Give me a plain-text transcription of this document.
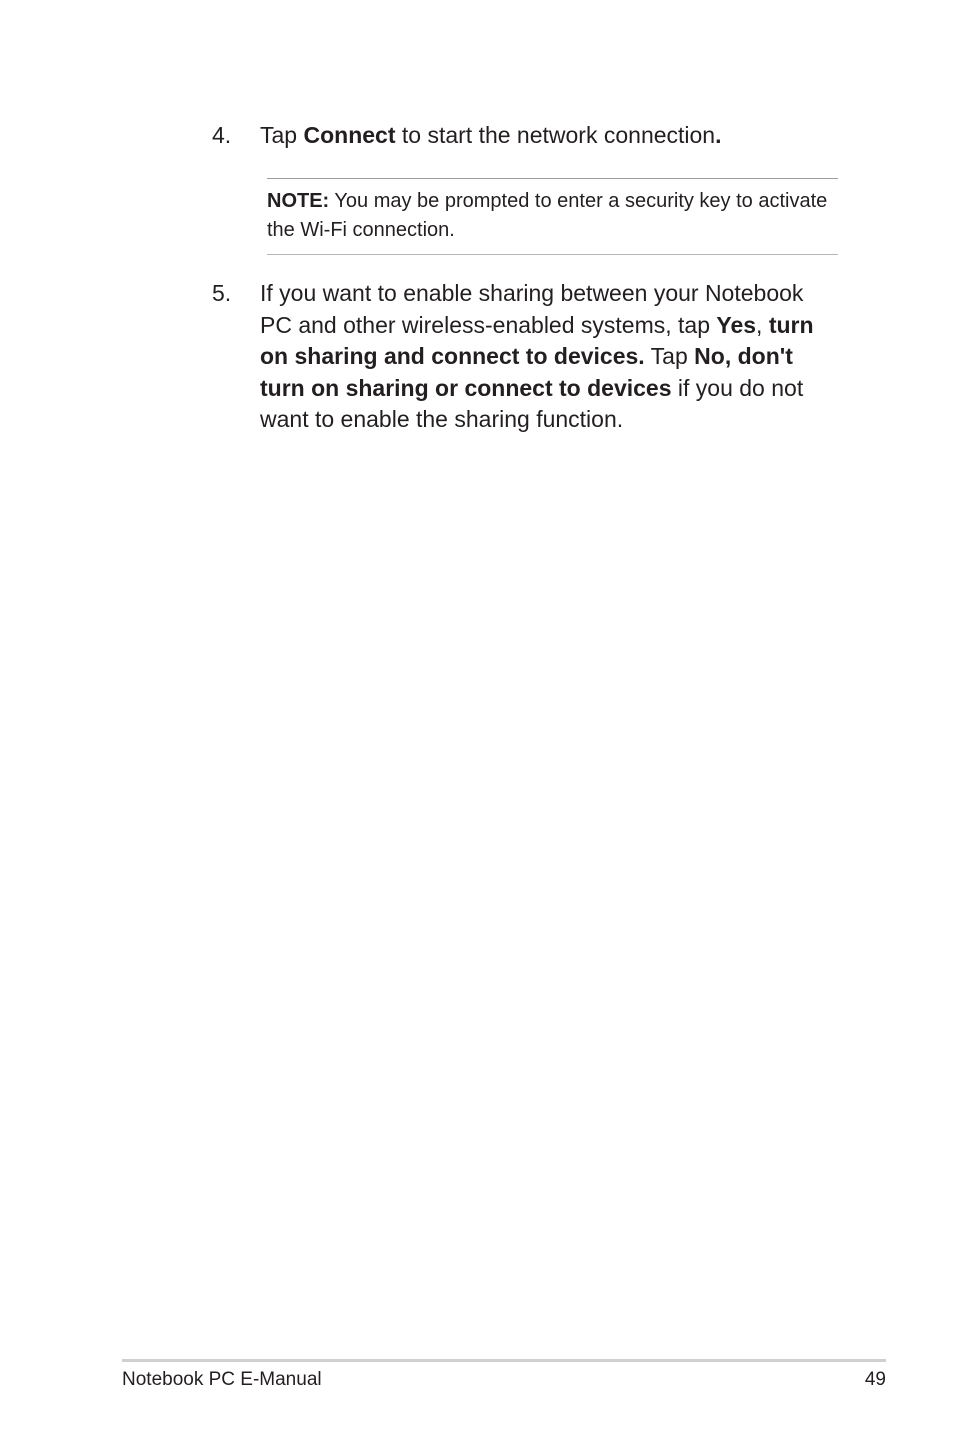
4.	Tap Connect to start the network connection.
NOTE: You may be prompted to enter a security key to activate the Wi-Fi connection.
5.	If you want to enable sharing between your Notebook PC and other wireless-enabled systems, tap Yes, turn on sharing and connect to devices. Tap No, don't turn on sharing or connect to devices if you do not want to enable the sharing function.
Notebook PC E-Manual	49
